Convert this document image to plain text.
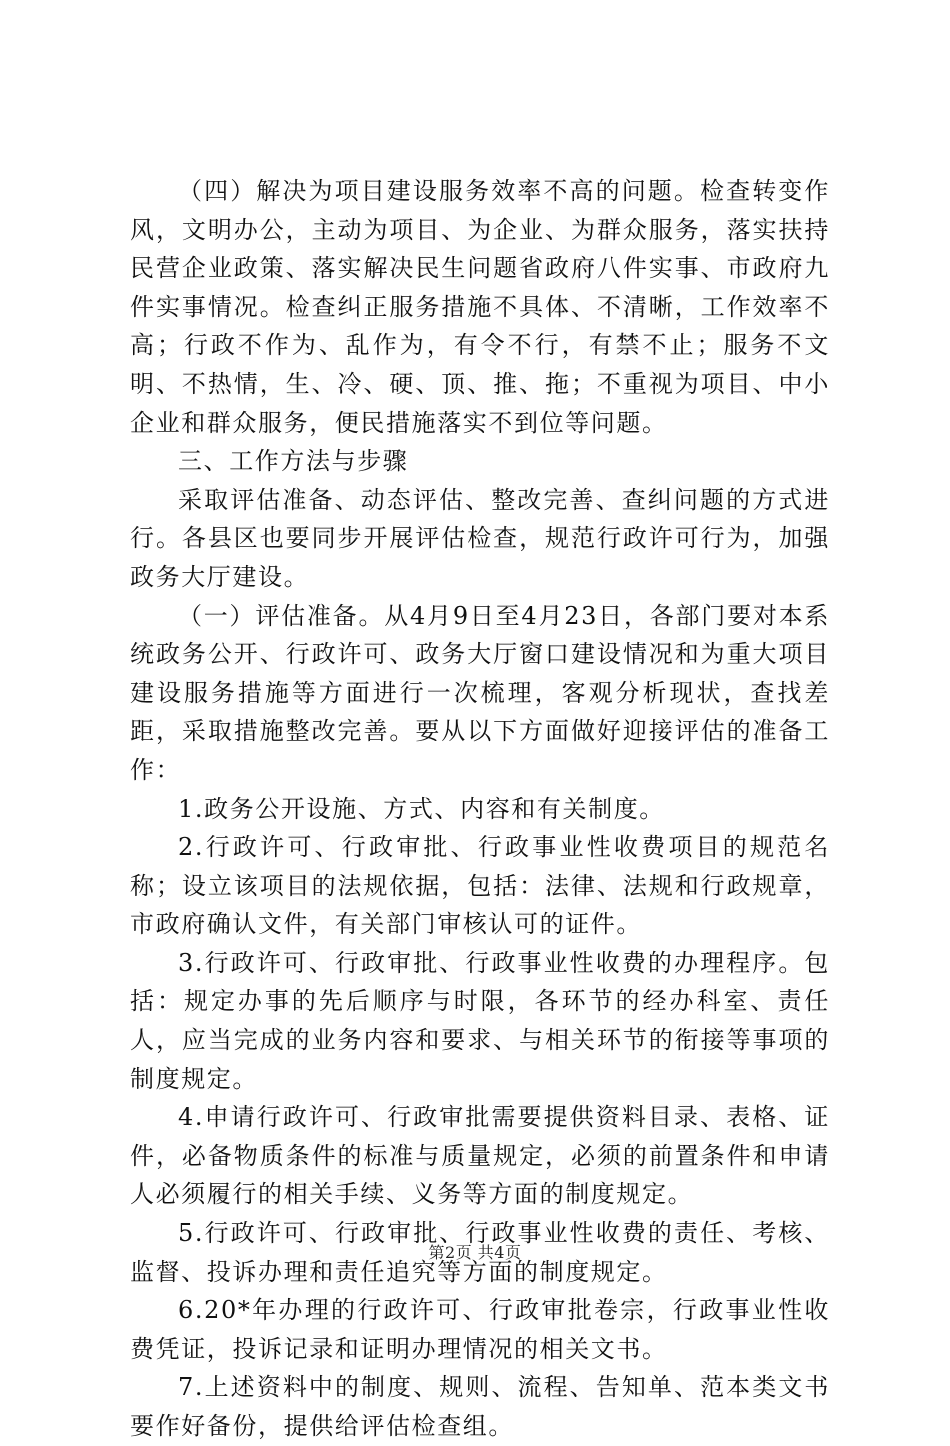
（四）解决为项目建设服务效率不高的问题。检查转变作风，文明办公，主动为项目、为企业、为群众服务，落实扶持民营企业政策、落实解决民生问题省政府八件实事、市政府九件实事情况。检查纠正服务措施不具体、不清晰，工作效率不高；行政不作为、乱作为，有令不行，有禁不止；服务不文明、不热情，生、冷、硬、顶、推、拖；不重视为项目、中小企业和群众服务，便民措施落实不到位等问题。

三、工作方法与步骤

采取评估准备、动态评估、整改完善、查纠问题的方式进行。各县区也要同步开展评估检查，规范行政许可行为，加强政务大厅建设。

（一）评估准备。从4月9日至4月23日，各部门要对本系统政务公开、行政许可、政务大厅窗口建设情况和为重大项目建设服务措施等方面进行一次梳理，客观分析现状，查找差距，采取措施整改完善。要从以下方面做好迎接评估的准备工作：

1.政务公开设施、方式、内容和有关制度。

2.行政许可、行政审批、行政事业性收费项目的规范名称；设立该项目的法规依据，包括：法律、法规和行政规章，市政府确认文件，有关部门审核认可的证件。

3.行政许可、行政审批、行政事业性收费的办理程序。包括：规定办事的先后顺序与时限，各环节的经办科室、责任人，应当完成的业务内容和要求、与相关环节的衔接等事项的制度规定。

4.申请行政许可、行政审批需要提供资料目录、表格、证件，必备物质条件的标准与质量规定，必须的前置条件和申请人必须履行的相关手续、义务等方面的制度规定。

5.行政许可、行政审批、行政事业性收费的责任、考核、监督、投诉办理和责任追究等方面的制度规定。

6.20*年办理的行政许可、行政审批卷宗，行政事业性收费凭证，投诉记录和证明办理情况的相关文书。

7.上述资料中的制度、规则、流程、告知单、范本类文书要作好备份，提供给评估检查组。

第2页 共4页
